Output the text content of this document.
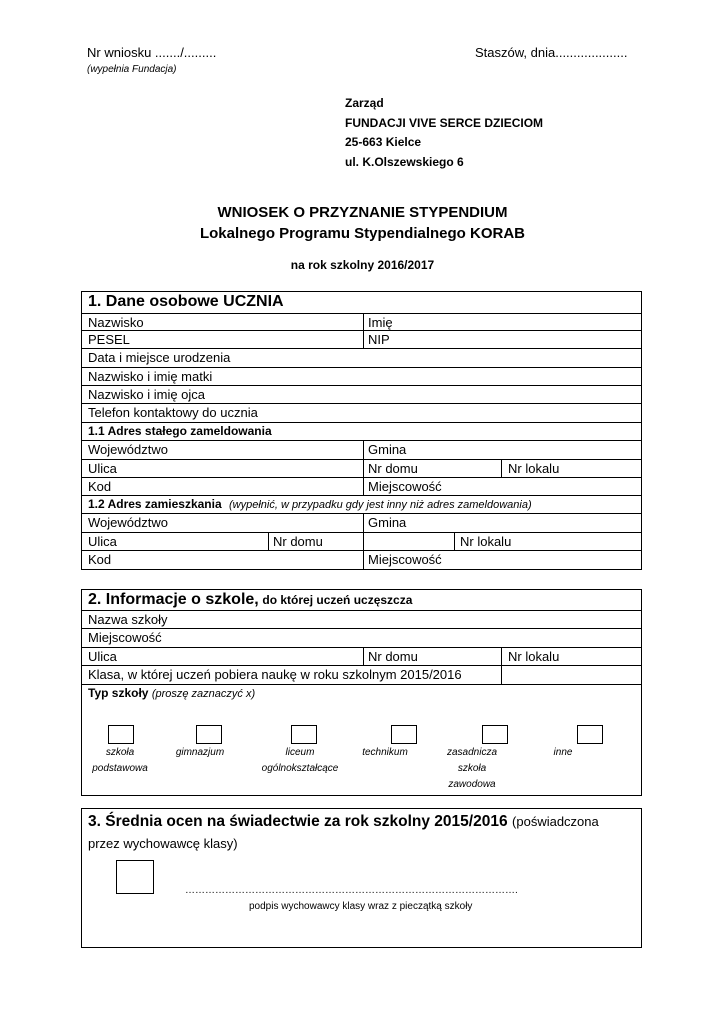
Nr wniosku ......./.........
(wypełnia Fundacja)
Staszów, dnia....................
Zarząd
FUNDACJI VIVE SERCE DZIECIOM
25-663 Kielce
ul. K.Olszewskiego 6
WNIOSEK O PRZYZNANIE STYPENDIUM
Lokalnego Programu Stypendialnego KORAB
na rok szkolny 2016/2017
1. Dane osobowe UCZNIA
Nazwisko	Imię
PESEL	NIP
Data i miejsce urodzenia
Nazwisko i imię matki
Nazwisko i imię ojca
Telefon kontaktowy do ucznia
1.1 Adres stałego zameldowania
Województwo	Gmina
Ulica	Nr domu	Nr lokalu
Kod	Miejscowość
1.2 Adres zamieszkania (wypełnić, w przypadku gdy jest inny niż adres zameldowania)
Województwo	Gmina
Ulica	Nr domu	Nr lokalu
Kod	Miejscowość
2. Informacje o szkole, do której uczeń uczęszcza
Nazwa szkoły
Miejscowość
Ulica	Nr domu	Nr lokalu
Klasa, w której uczeń pobiera naukę w roku szkolnym 2015/2016
Typ szkoły (proszę zaznaczyć x)
szkoła
podstawowa
gimnazjum	liceum
ogólnokształcące
technikum	zasadnicza
szkoła
zawodowa
inne
3. Średnia ocen na świadectwie za rok szkolny 2015/2016 (poświadczona przez wychowawcę klasy)
……………………………………………………………………………………….
podpis wychowawcy klasy wraz z pieczątką szkoły
